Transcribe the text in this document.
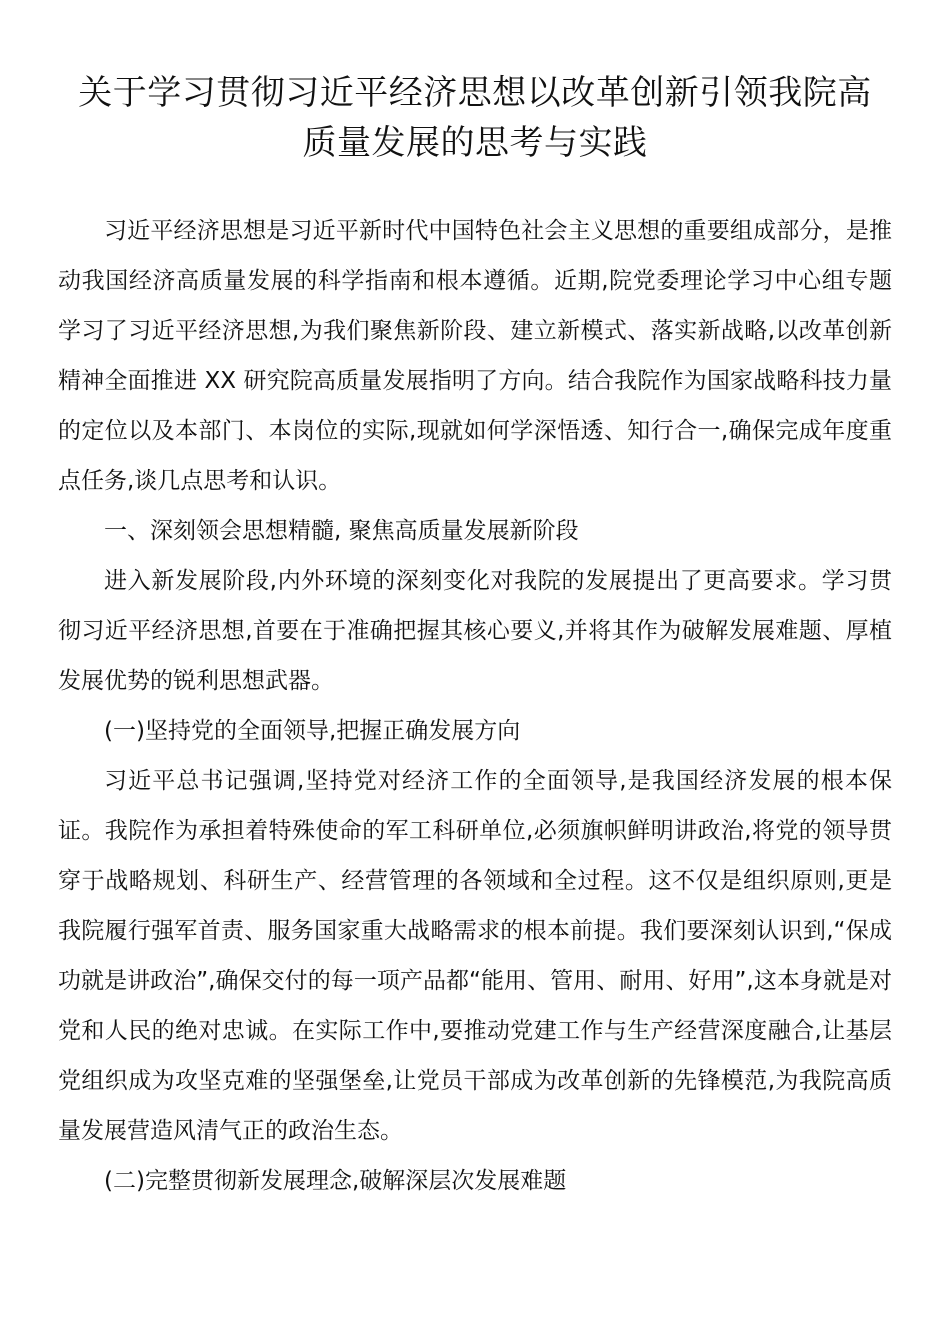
关于学习贯彻习近平经济思想以改革创新引领我院高
质量发展的思考与实践

习近平经济思想是习近平新时代中国特色社会主义思想的重要组成部分，是推动我国经济高质量发展的科学指南和根本遵循。近期,院党委理论学习中心组专题学习了习近平经济思想,为我们聚焦新阶段、建立新模式、落实新战略,以改革创新精神全面推进 XX 研究院高质量发展指明了方向。结合我院作为国家战略科技力量的定位以及本部门、本岗位的实际,现就如何学深悟透、知行合一,确保完成年度重点任务,谈几点思考和认识。

一、深刻领会思想精髓, 聚焦高质量发展新阶段

进入新发展阶段,内外环境的深刻变化对我院的发展提出了更高要求。学习贯彻习近平经济思想,首要在于准确把握其核心要义,并将其作为破解发展难题、厚植发展优势的锐利思想武器。

(一)坚持党的全面领导,把握正确发展方向

习近平总书记强调,坚持党对经济工作的全面领导,是我国经济发展的根本保证。我院作为承担着特殊使命的军工科研单位,必须旗帜鲜明讲政治,将党的领导贯穿于战略规划、科研生产、经营管理的各领域和全过程。这不仅是组织原则,更是我院履行强军首责、服务国家重大战略需求的根本前提。我们要深刻认识到,“保成功就是讲政治”,确保交付的每一项产品都“能用、管用、耐用、好用”,这本身就是对党和人民的绝对忠诚。在实际工作中,要推动党建工作与生产经营深度融合,让基层党组织成为攻坚克难的坚强堡垒,让党员干部成为改革创新的先锋模范,为我院高质量发展营造风清气正的政治生态。

(二)完整贯彻新发展理念,破解深层次发展难题
